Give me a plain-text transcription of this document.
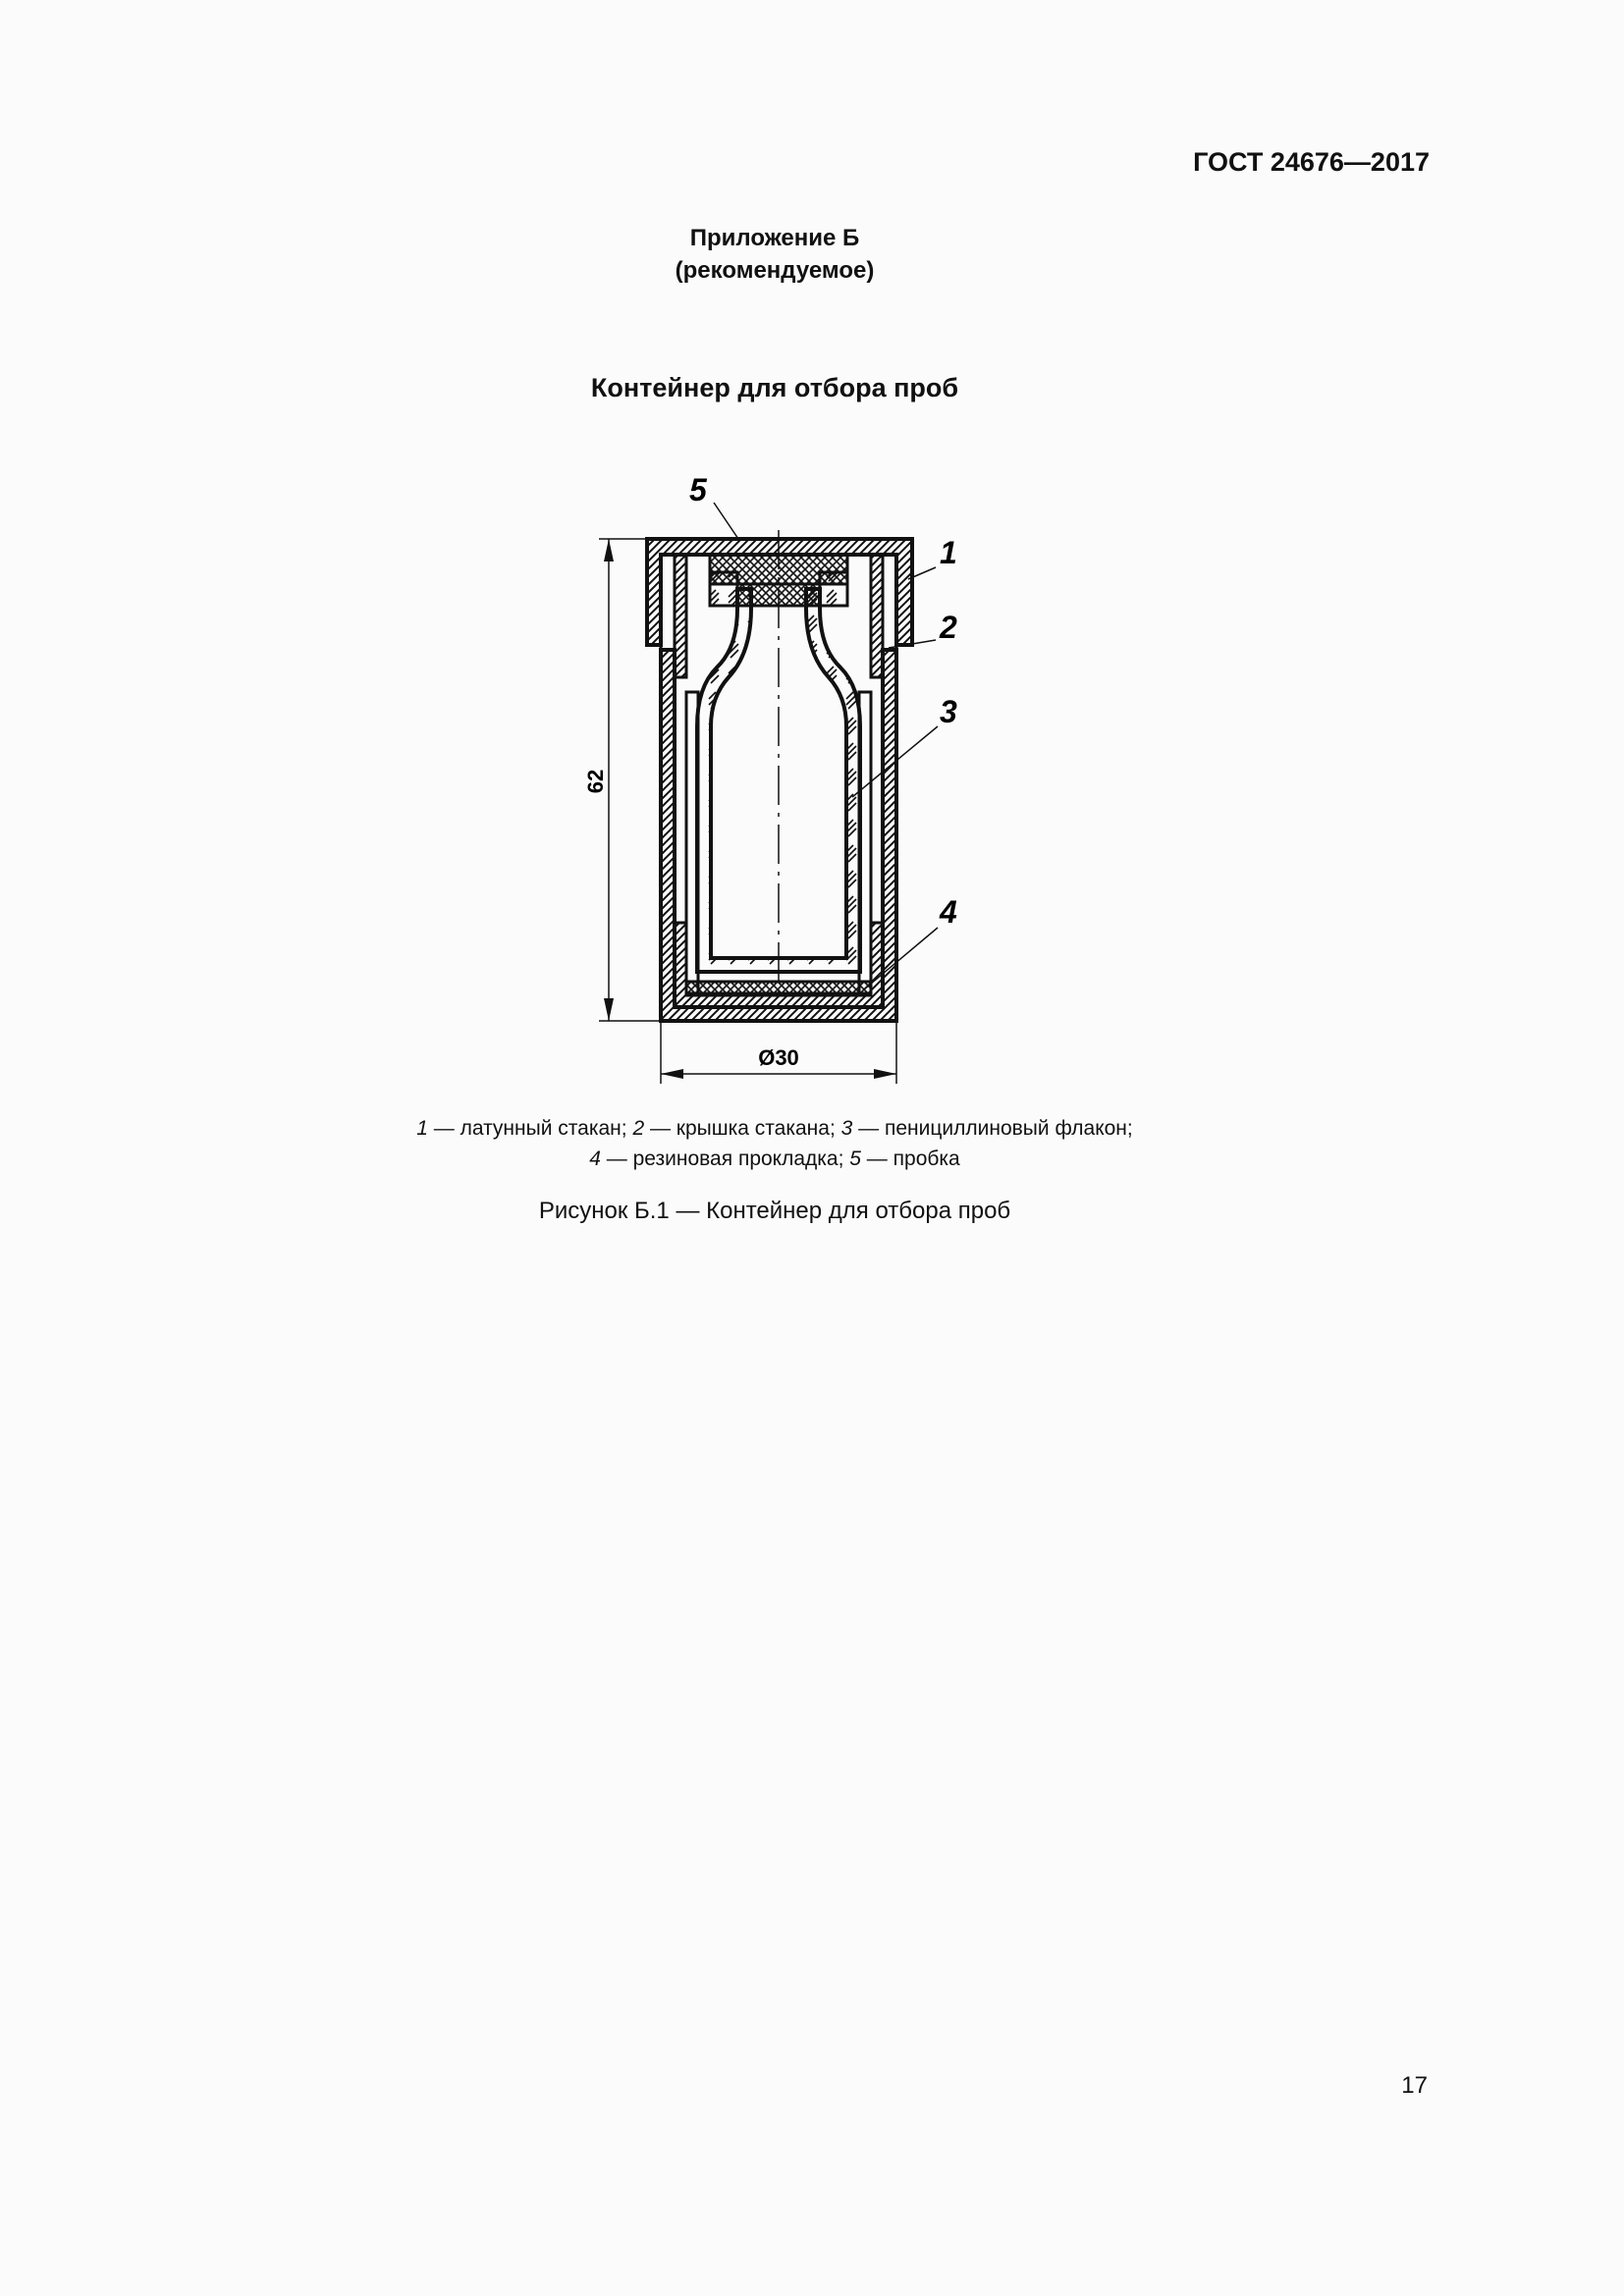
ГОСТ 24676—2017
Приложение Б
(рекомендуемое)
Контейнер для отбора проб
62
Ø30
5
1
2
3
4
1 — латунный стакан; 2 — крышка стакана; 3 — пенициллиновый флакон;
4 — резиновая прокладка; 5 — пробка
Рисунок Б.1 — Контейнер для отбора проб
17
